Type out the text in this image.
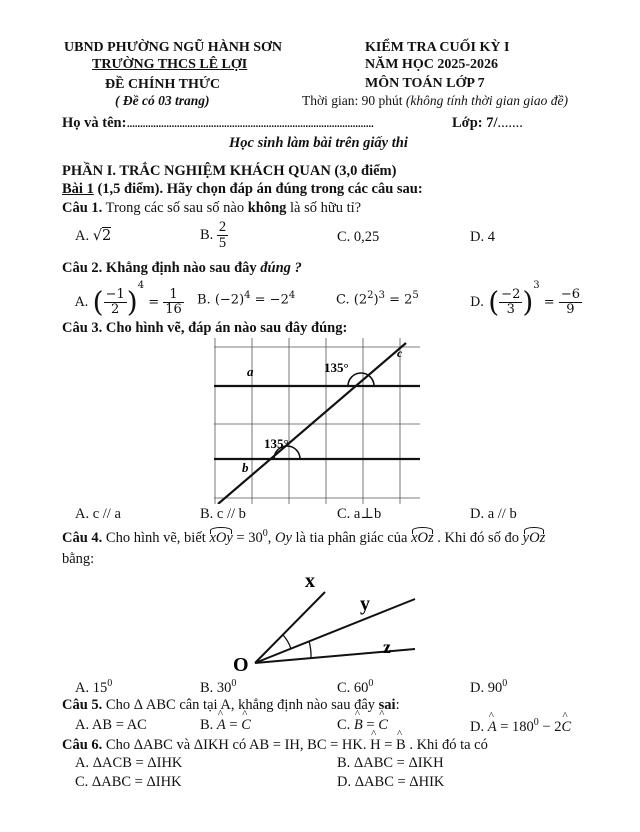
UBND PHƯỜNG NGŨ HÀNH SƠN
TRƯỜNG THCS LÊ LỢI
ĐỀ CHÍNH THỨC
( Đề có 03 trang)
KIỂM TRA CUỐI KỲ I
NĂM HỌC 2025-2026
MÔN TOÁN LỚP 7
Thời gian: 90 phút (không tính thời gian giao đề)
Họ và tên:..............................................................................................	Lớp: 7/.......
Học sinh làm bài trên giấy thi
PHẦN I. TRẮC NGHIỆM KHÁCH QUAN (3,0 điểm)
Bài 1 (1,5 điểm). Hãy chọn đáp án đúng trong các câu sau:
Câu 1. Trong các số sau số nào không là số hữu tỉ?
A. √2	B. $\frac{2}{5}$	C. 0,25	D. 4
Câu 2. Khẳng định nào sau đây đúng ?
A. ( $\frac{-1}{2} )^4 = \frac{1}{16} B$. $(-2)^4 = -2^4$	C. $(2^2)^3 = 2^5$	D. ( $\frac{-2}{3} )^3 = \frac{-6}{9}$
Câu 3. Cho hình vẽ, đáp án nào sau đây đúng:
a
b
c
135°
135°
A. c // a	B. c // b	C. a⊥b	D. a // b
Câu 4. Cho hình vẽ, biết xOy = $30^0$, Oy là tia phân giác của xOz . Khi đó số đo yOz
bằng:
O
x
y
z
A. $15^0$	B. $30^0$	C. $60^0$	D. $90^0$
Câu 5. Cho Δ ABC cân tại A, khẳng định nào sau đây sai:
A. AB = AC	B. ^ A = ^ C	C. ^ B = ^ C	D. ^ $A = 180^0$ − 2^ C
Câu 6. Cho ΔABC và ΔIKH có AB = IH, BC = HK. ^ H = ^ B . Khi đó ta có
A. ΔACB = ΔIHK	B. ΔABC = ΔIKH
C. ΔABC = ΔIHK	D. ΔABC = ΔHIK
